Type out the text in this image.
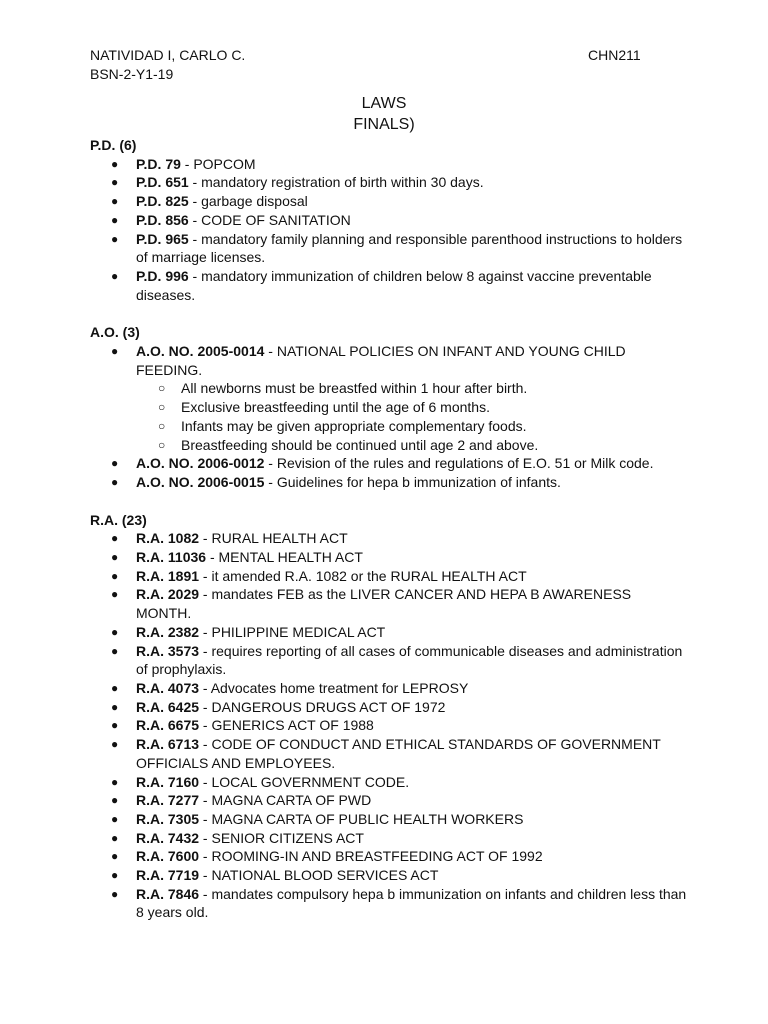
NATIVIDAD I, CARLO C.	CHN211
BSN-2-Y1-19
LAWS
FINALS)
P.D. (6)
● P.D. 79 - POPCOM
● P.D. 651 - mandatory registration of birth within 30 days.
● P.D. 825 - garbage disposal
● P.D. 856 - CODE OF SANITATION
● P.D. 965 - mandatory family planning and responsible parenthood instructions to holders of marriage licenses.
● P.D. 996 - mandatory immunization of children below 8 against vaccine preventable diseases.
A.O. (3)
● A.O. NO. 2005-0014 - NATIONAL POLICIES ON INFANT AND YOUNG CHILD FEEDING.
○ All newborns must be breastfed within 1 hour after birth.
○ Exclusive breastfeeding until the age of 6 months.
○ Infants may be given appropriate complementary foods.
○ Breastfeeding should be continued until age 2 and above.
● A.O. NO. 2006-0012 - Revision of the rules and regulations of E.O. 51 or Milk code.
● A.O. NO. 2006-0015 - Guidelines for hepa b immunization of infants.
R.A. (23)
● R.A. 1082 - RURAL HEALTH ACT
● R.A. 11036 - MENTAL HEALTH ACT
● R.A. 1891 - it amended R.A. 1082 or the RURAL HEALTH ACT
● R.A. 2029 - mandates FEB as the LIVER CANCER AND HEPA B AWARENESS MONTH.
● R.A. 2382 - PHILIPPINE MEDICAL ACT
● R.A. 3573 - requires reporting of all cases of communicable diseases and administration of prophylaxis.
● R.A. 4073 - Advocates home treatment for LEPROSY
● R.A. 6425 - DANGEROUS DRUGS ACT OF 1972
● R.A. 6675 - GENERICS ACT OF 1988
● R.A. 6713 - CODE OF CONDUCT AND ETHICAL STANDARDS OF GOVERNMENT OFFICIALS AND EMPLOYEES.
● R.A. 7160 - LOCAL GOVERNMENT CODE.
● R.A. 7277 - MAGNA CARTA OF PWD
● R.A. 7305 - MAGNA CARTA OF PUBLIC HEALTH WORKERS
● R.A. 7432 - SENIOR CITIZENS ACT
● R.A. 7600 - ROOMING-IN AND BREASTFEEDING ACT OF 1992
● R.A. 7719 - NATIONAL BLOOD SERVICES ACT
● R.A. 7846 - mandates compulsory hepa b immunization on infants and children less than 8 years old.
